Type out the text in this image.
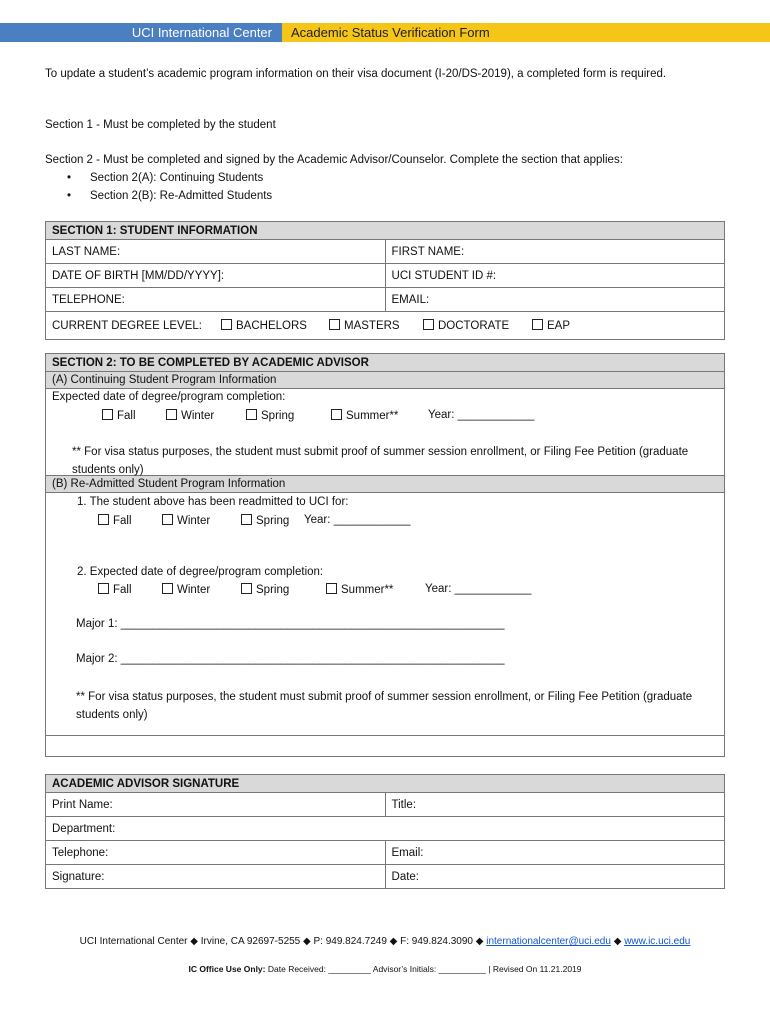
UCI International Center	Academic Status Verification Form
To update a student’s academic program information on their visa document (I-20/DS-2019), a completed form is required.
Section 1 - Must be completed by the student
Section 2 - Must be completed and signed by the Academic Advisor/Counselor. Complete the section that applies:
• Section 2(A): Continuing Students
• Section 2(B): Re-Admitted Students
SECTION 1: STUDENT INFORMATION	
LAST NAME:	FIRST NAME:
DATE OF BIRTH [MM/DD/YYYY]:	UCI STUDENT ID #:
TELEPHONE:	EMAIL:
CURRENT DEGREE LEVEL: BACHELORS MASTERS DOCTORATE EAP	
SECTION 2: TO BE COMPLETED BY ACADEMIC ADVISOR
(A) Continuing Student Program Information

Expected date of degree/program completion:
Fall	Winter	Spring	Summer**	Year: ____________
** For visa status purposes, the student must submit proof of summer session enrollment, or Filing Fee Petition (graduate students only)

(B) Re-Admitted Student Program Information

1. The student above has been readmitted to UCI for:
Fall	Winter	Spring Year: ____________
2. Expected date of degree/program completion:
Fall	Winter	Spring	Summer**	Year: ____________
Major 1: ____________________________________________________________
Major 2: ____________________________________________________________
** For visa status purposes, the student must submit proof of summer session enrollment, or Filing Fee Petition (graduate students only)

ACADEMIC ADVISOR SIGNATURE	
Print Name:	Title:
Department:	
Telephone:	Email:
Signature:	Date:
UCI International Center ◆ Irvine, CA 92697-5255 ◆ P: 949.824.7249 ◆ F: 949.824.3090 ◆ internationalcenter@uci.edu ◆ www.ic.uci.edu
IC Office Use Only: Date Received: _________ Advisor’s Initials: __________ | Revised On 11.21.2019
